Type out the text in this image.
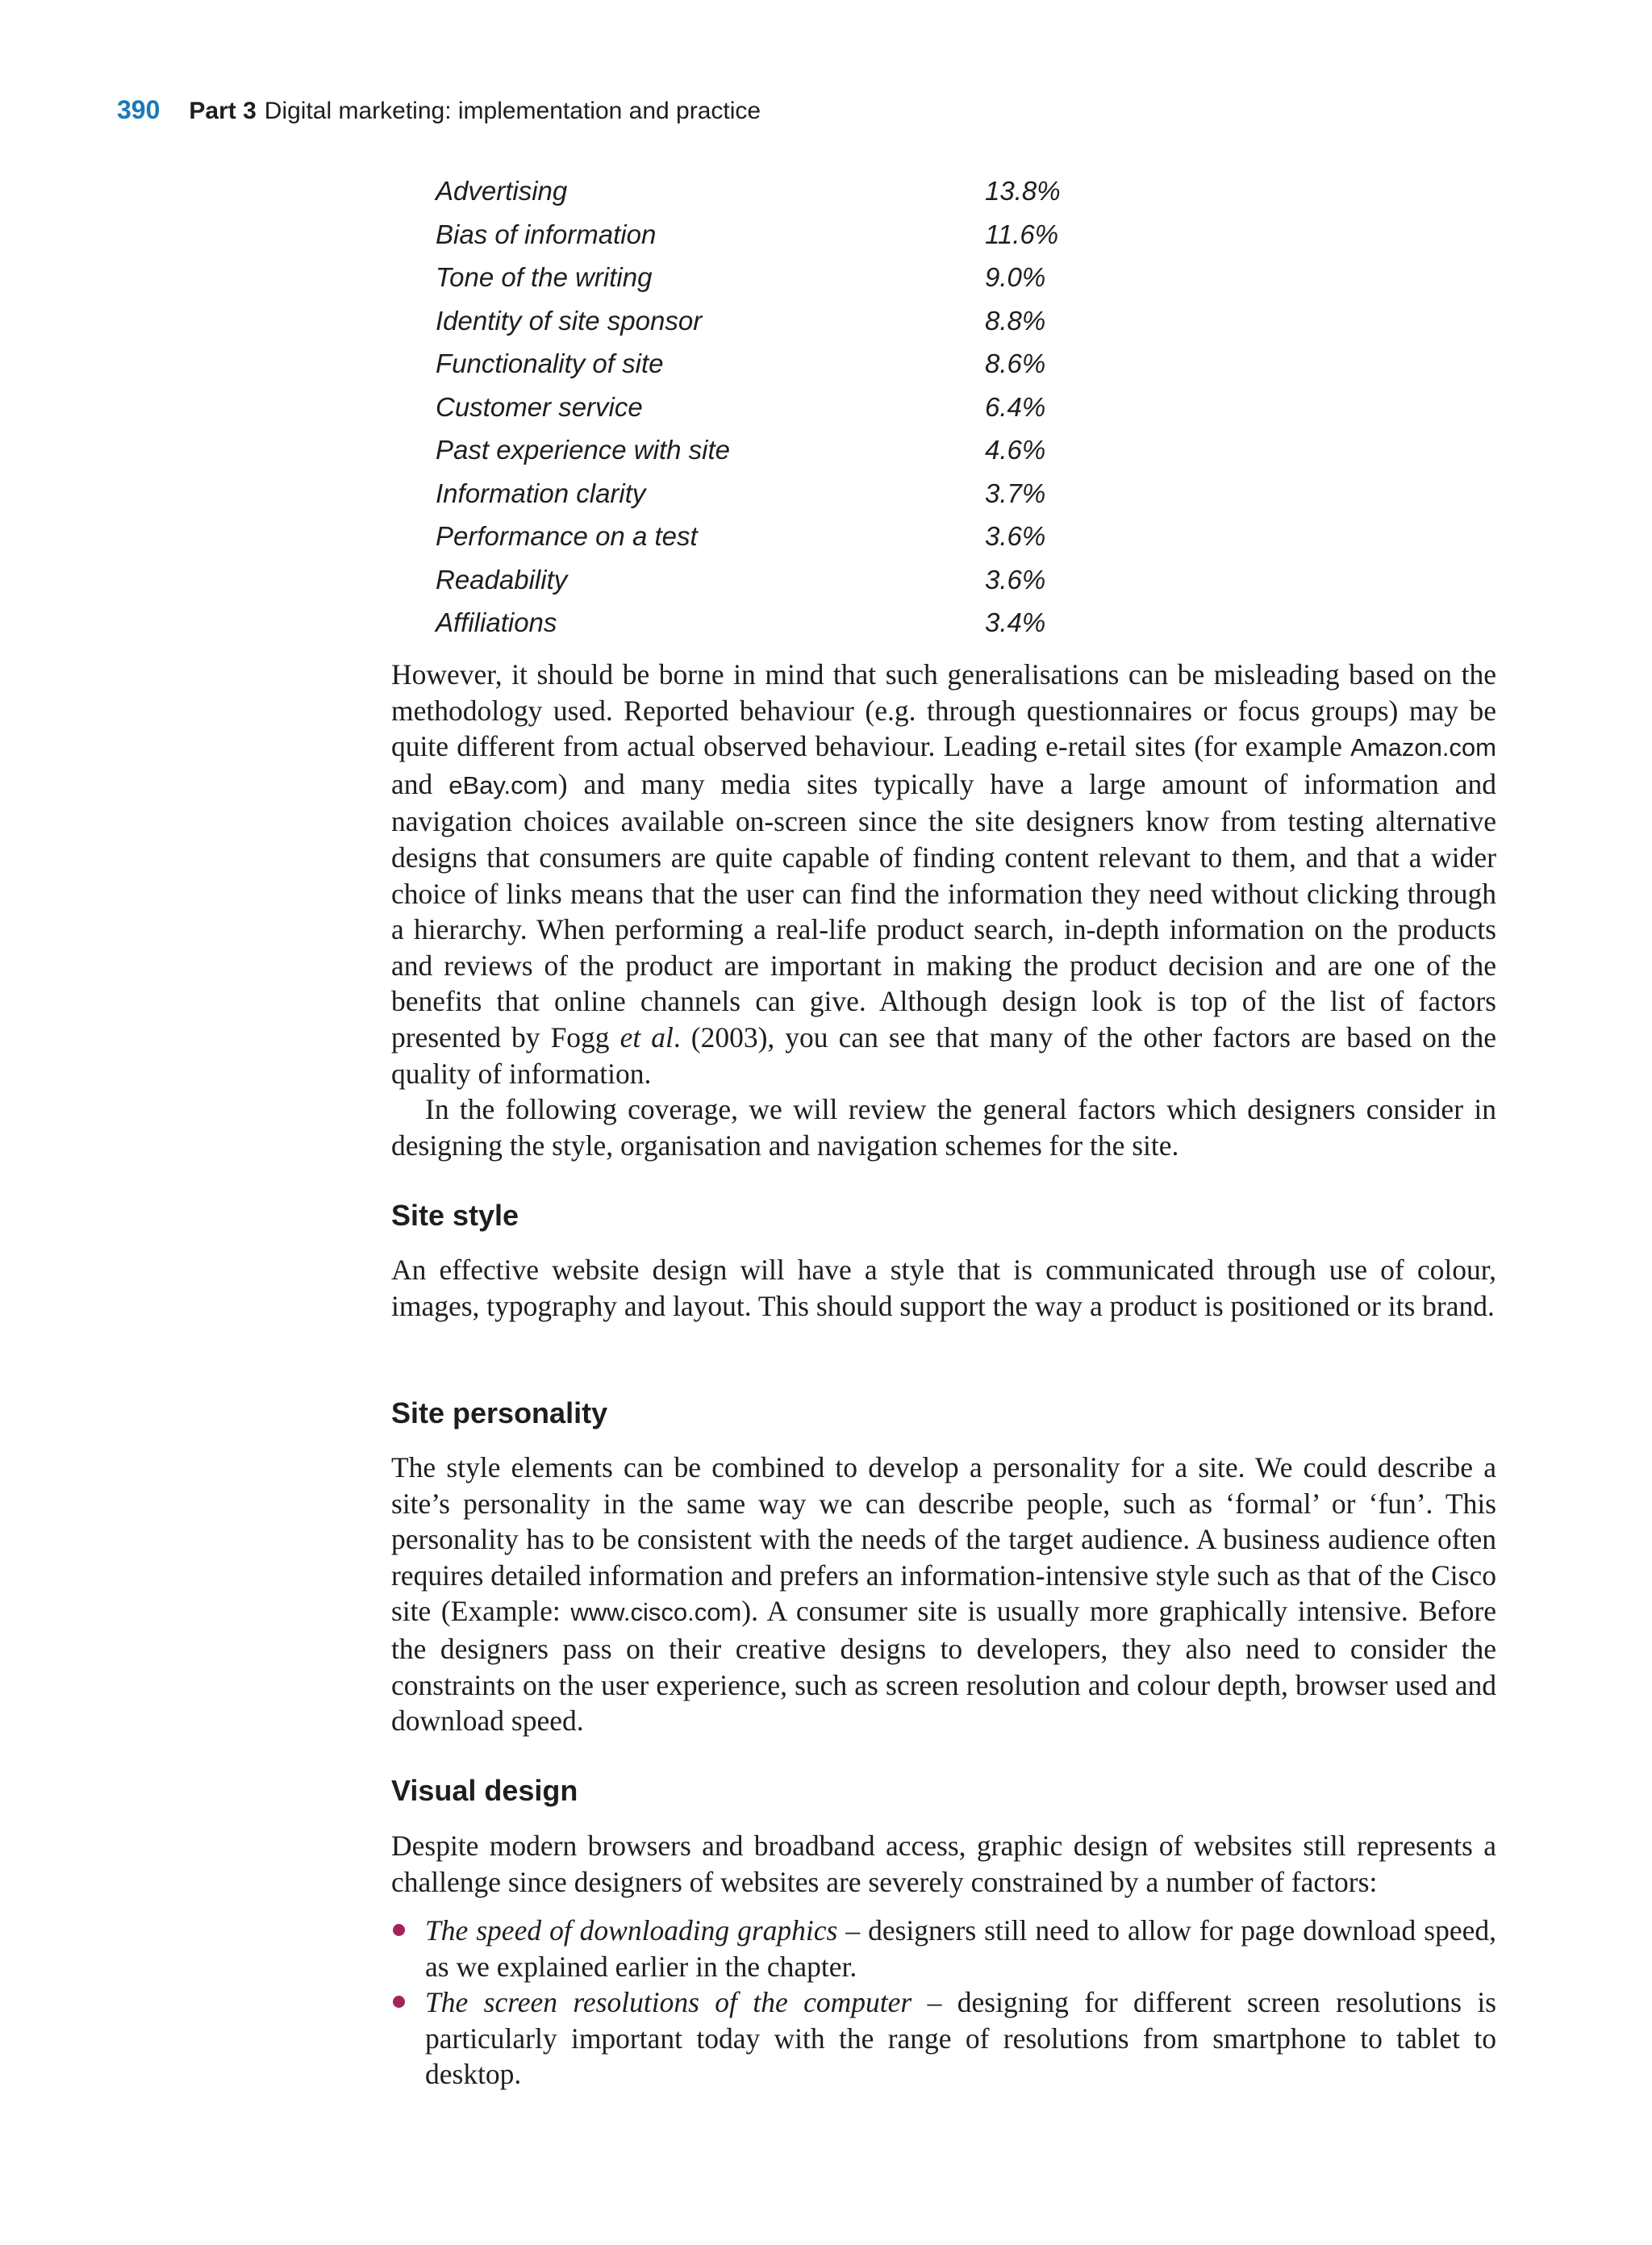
390 Part 3 Digital marketing: implementation and practice
Advertising	13.8%
Bias of information	11.6%
Tone of the writing	9.0%
Identity of site sponsor	8.8%
Functionality of site	8.6%
Customer service	6.4%
Past experience with site	4.6%
Information clarity	3.7%
Performance on a test	3.6%
Readability	3.6%
Affiliations	3.4%

However, it should be borne in mind that such generalisations can be misleading based on the methodology used. Reported behaviour (e.g. through questionnaires or focus groups) may be quite different from actual observed behaviour. Leading e-retail sites (for example Amazon.com and eBay.com) and many media sites typically have a large amount of information and navigation choices available on-screen since the site designers know from testing alternative designs that consumers are quite capable of finding content relevant to them, and that a wider choice of links means that the user can find the information they need without clicking through a hierarchy. When performing a real-life product search, in-depth information on the products and reviews of the product are important in making the product decision and are one of the benefits that online channels can give. Although design look is top of the list of factors presented by Fogg et al. (2003), you can see that many of the other factors are based on the quality of information.

In the following coverage, we will review the general factors which designers consider in designing the style, organisation and navigation schemes for the site.

Site style

An effective website design will have a style that is communicated through use of colour, images, typography and layout. This should support the way a product is positioned or its brand.

Site personality

The style elements can be combined to develop a personality for a site. We could describe a site’s personality in the same way we can describe people, such as ‘formal’ or ‘fun’. This personality has to be consistent with the needs of the target audience. A business audience often requires detailed information and prefers an information-intensive style such as that of the Cisco site (Example: www.cisco.com). A consumer site is usually more graphically intensive. Before the designers pass on their creative designs to developers, they also need to consider the constraints on the user experience, such as screen resolution and colour depth, browser used and download speed.

Visual design

Despite modern browsers and broadband access, graphic design of websites still represents a challenge since designers of websites are severely constrained by a number of factors:

The speed of downloading graphics – designers still need to allow for page download speed, as we explained earlier in the chapter.
The screen resolutions of the computer – designing for different screen resolutions is particularly important today with the range of resolutions from smartphone to tablet to desktop.
